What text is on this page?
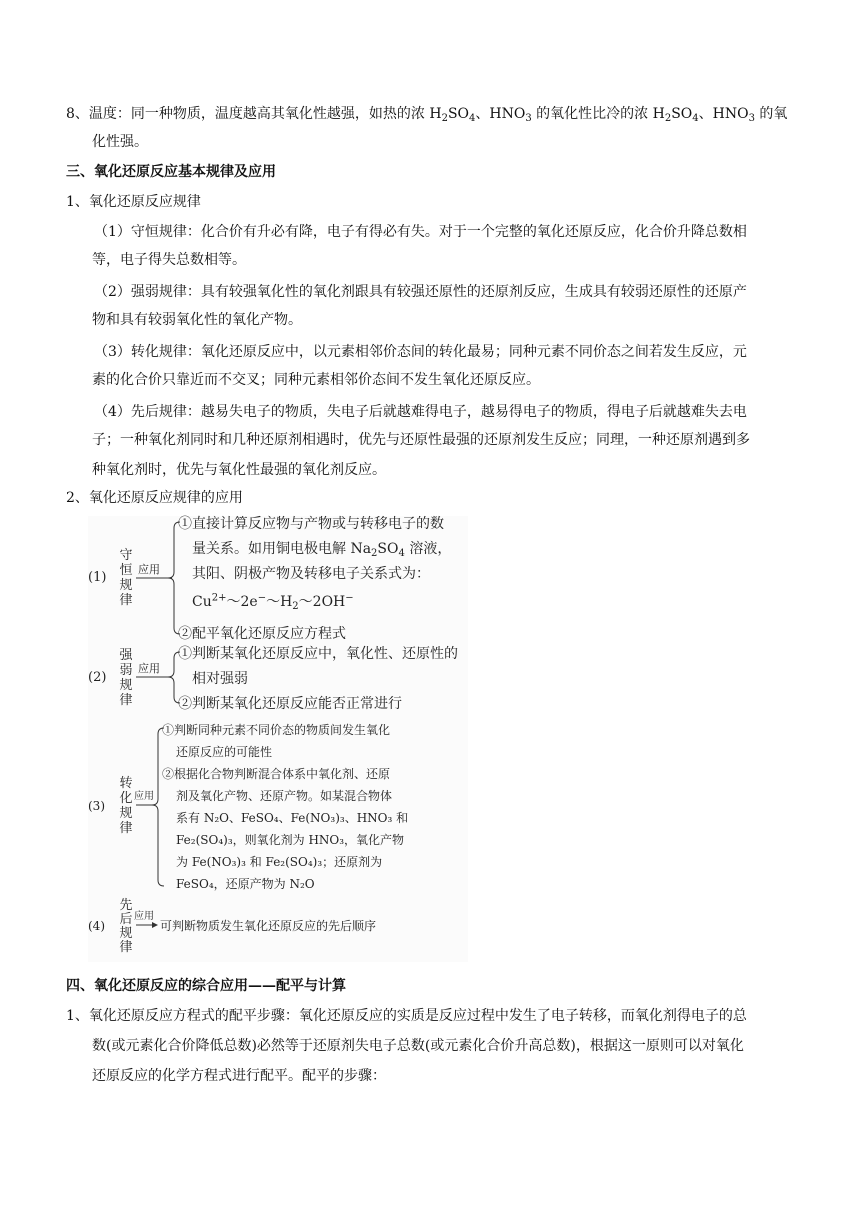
8、温度：同一种物质，温度越高其氧化性越强，如热的浓 $H_2SO_4$、$HNO_3$ 的氧化性比冷的浓 $H_2SO_4$、$HNO_3$ 的氧
化性强。
三、氧化还原反应基本规律及应用
1、氧化还原反应规律
（1）守恒规律：化合价有升必有降，电子有得必有失。对于一个完整的氧化还原反应，化合价升降总数相
等，电子得失总数相等。
（2）强弱规律：具有较强氧化性的氧化剂跟具有较强还原性的还原剂反应，生成具有较弱还原性的还原产
物和具有较弱氧化性的氧化产物。
（3）转化规律：氧化还原反应中，以元素相邻价态间的转化最易；同种元素不同价态之间若发生反应，元
素的化合价只靠近而不交叉；同种元素相邻价态间不发生氧化还原反应。
（4）先后规律：越易失电子的物质，失电子后就越难得电子，越易得电子的物质，得电子后就越难失去电
子；一种氧化剂同时和几种还原剂相遇时，优先与还原性最强的还原剂发生反应；同理，一种还原剂遇到多
种氧化剂时，优先与氧化性最强的氧化剂反应。
2、氧化还原反应规律的应用
(1)
守
恒
规
律
应用
①直接计算反应物与产物或与转移电子的数
量关系。如用铜电极电解 $Na_2SO_4$ 溶液，
其阳、阴极产物及转移电子关系式为：
$Cu^{2+}\sim 2e^-\sim H_2\sim 2OH^-$
②配平氧化还原反应方程式
(2)
强
弱
规
律
应用
①判断某氧化还原反应中，氧化性、还原性的
相对强弱
②判断某氧化还原反应能否正常进行
(3)
转
化
规
律
应用
①判断同种元素不同价态的物质间发生氧化
还原反应的可能性
②根据化合物判断混合体系中氧化剂、还原
剂及氧化产物、还原产物。如某混合物体
系有 N₂O、FeSO₄、Fe(NO₃)₃、HNO₃ 和
Fe₂(SO₄)₃，则氧化剂为 HNO₃，氧化产物
为 Fe(NO₃)₃ 和 Fe₂(SO₄)₃；还原剂为
FeSO₄，还原产物为 N₂O
(4)
先
后
规
律
应用
可判断物质发生氧化还原反应的先后顺序
四、氧化还原反应的综合应用——配平与计算
1、氧化还原反应方程式的配平步骤：氧化还原反应的实质是反应过程中发生了电子转移，而氧化剂得电子的总
数(或元素化合价降低总数)必然等于还原剂失电子总数(或元素化合价升高总数)，根据这一原则可以对氧化
还原反应的化学方程式进行配平。配平的步骤：
